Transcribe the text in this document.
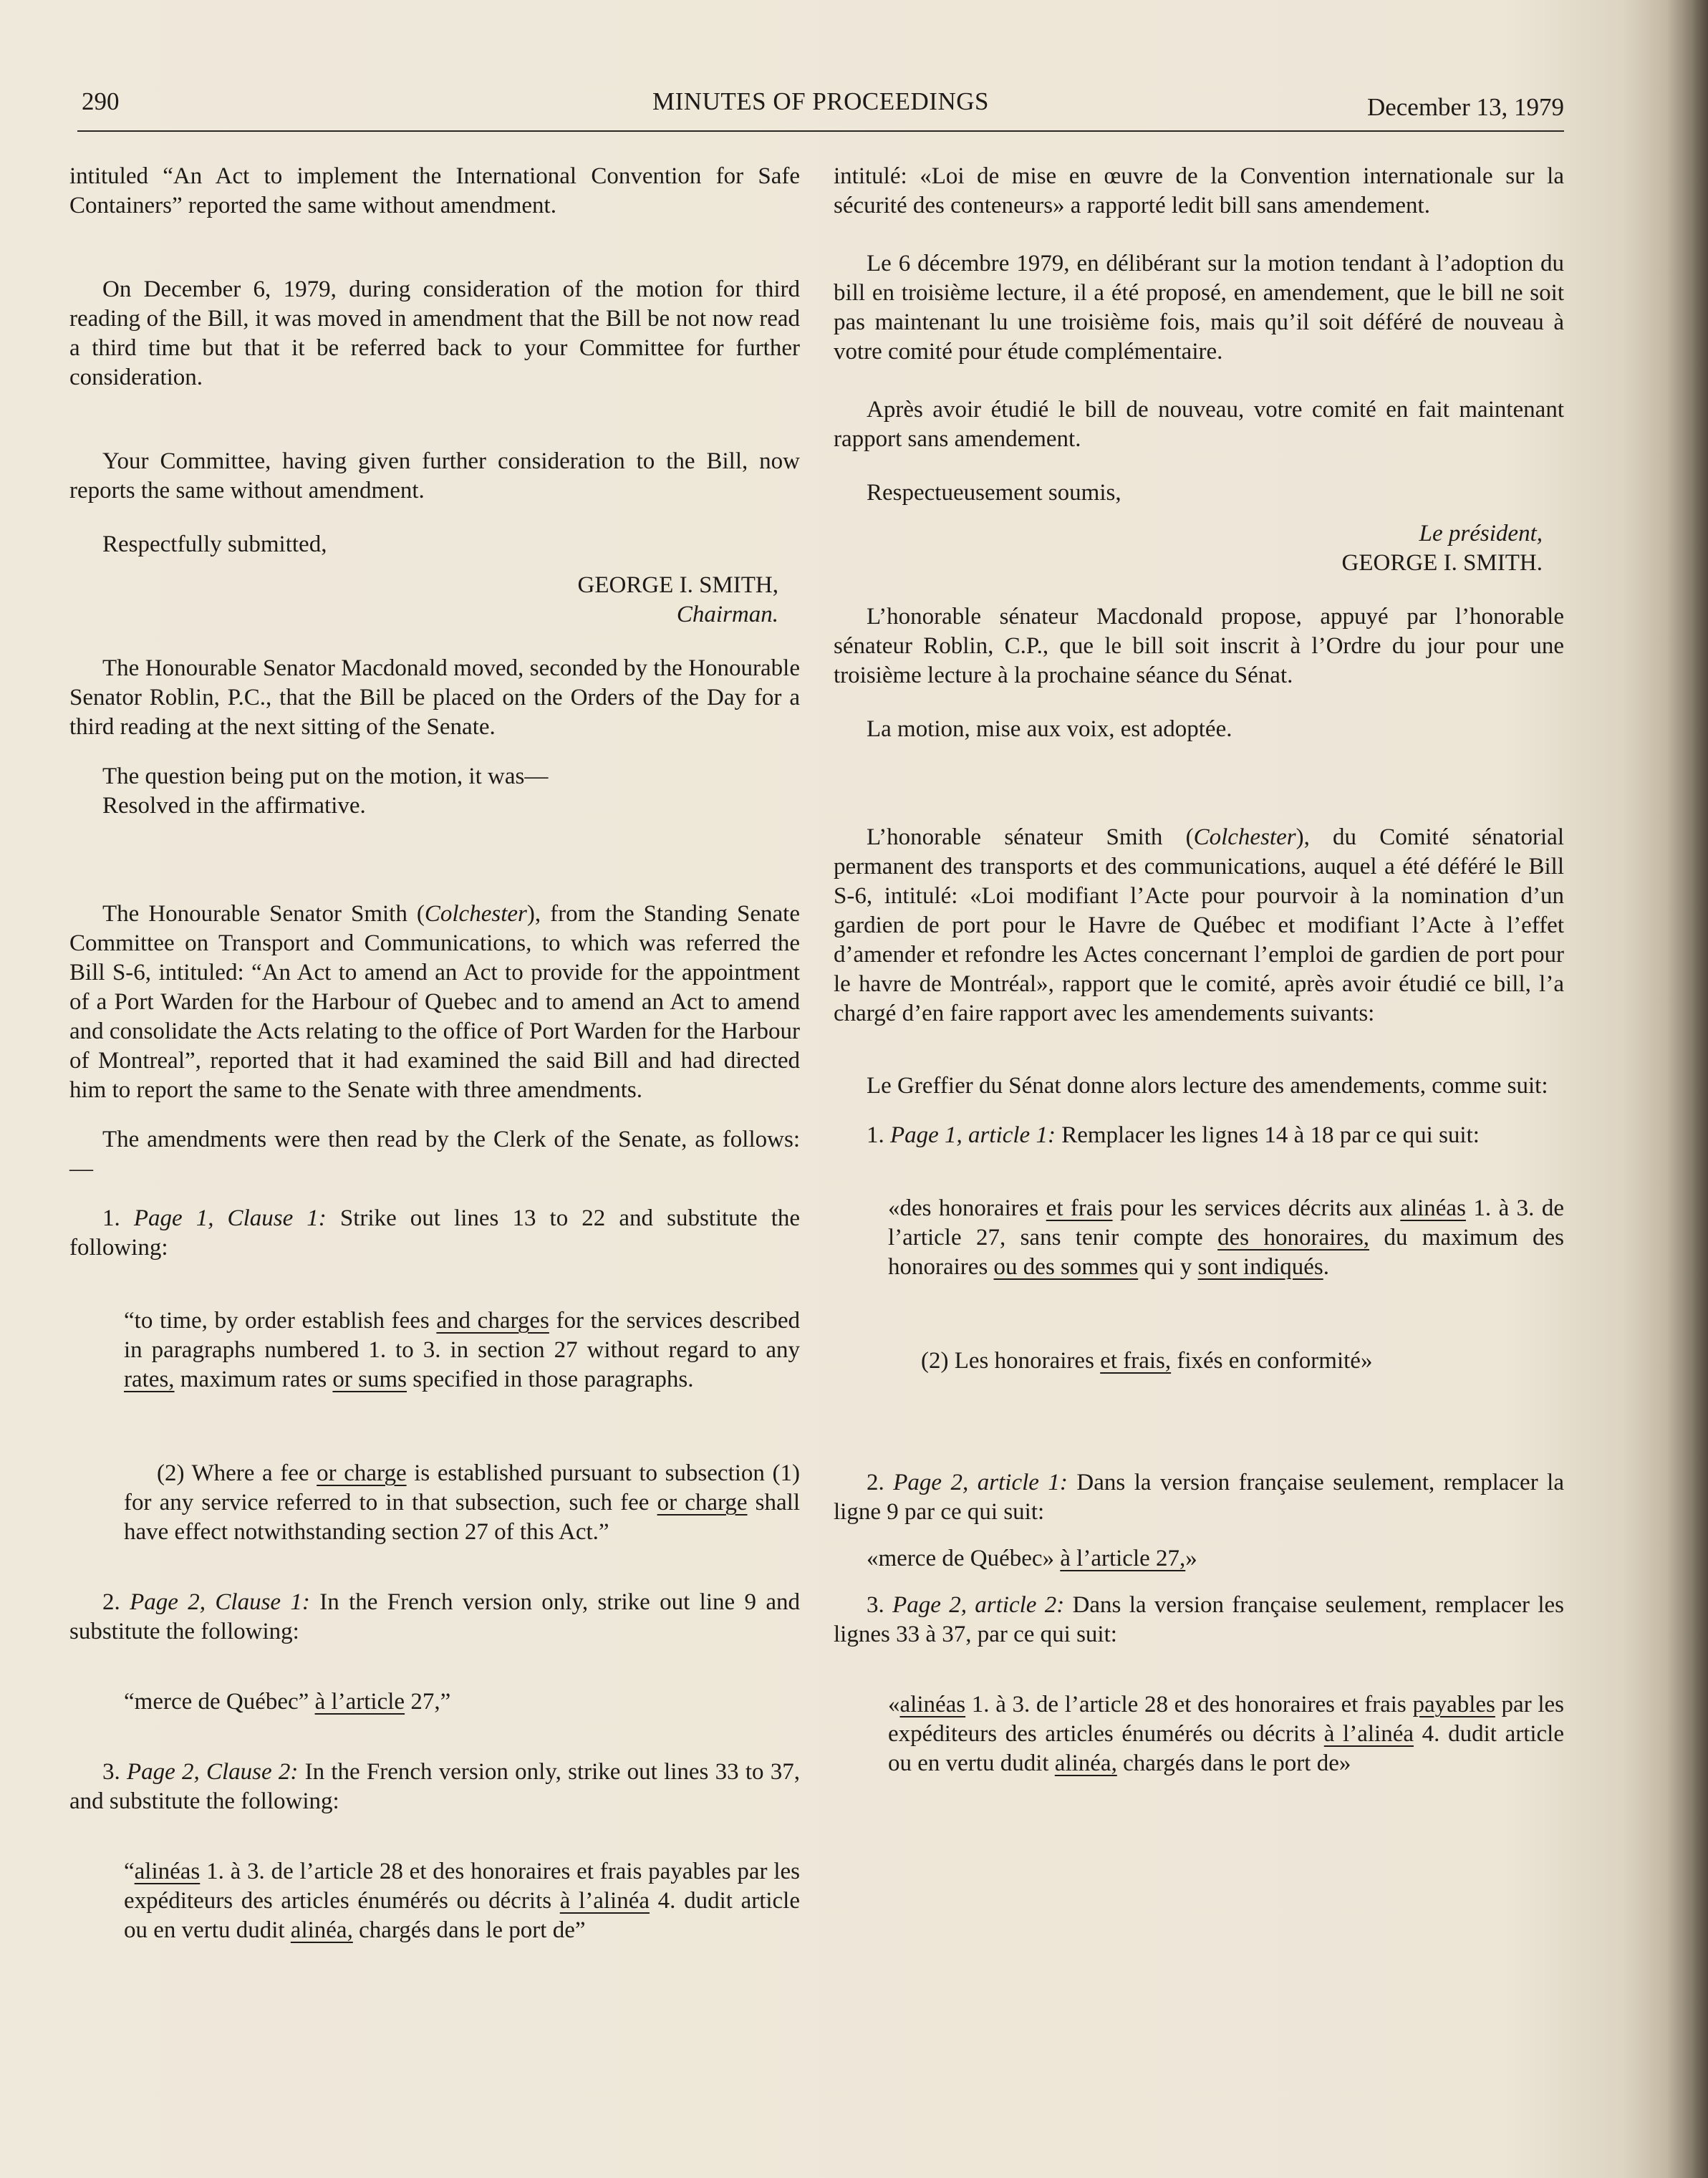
290	MINUTES OF PROCEEDINGS	December 13, 1979

intituled “An Act to implement the International Convention for Safe Containers” reported the same without amendment.

On December 6, 1979, during consideration of the motion for third reading of the Bill, it was moved in amendment that the Bill be not now read a third time but that it be referred back to your Committee for further consideration.

Your Committee, having given further consideration to the Bill, now reports the same without amendment.

Respectfully submitted,

GEORGE I. SMITH,
Chairman.

The Honourable Senator Macdonald moved, seconded by the Honourable Senator Roblin, P.C., that the Bill be placed on the Orders of the Day for a third reading at the next sitting of the Senate.

The question being put on the motion, it was—

Resolved in the affirmative.

The Honourable Senator Smith (Colchester), from the Standing Senate Committee on Transport and Communications, to which was referred the Bill S-6, intituled: “An Act to amend an Act to provide for the appointment of a Port Warden for the Harbour of Quebec and to amend an Act to amend and consolidate the Acts relating to the office of Port Warden for the Harbour of Montreal”, reported that it had examined the said Bill and had directed him to report the same to the Senate with three amendments.

The amendments were then read by the Clerk of the Senate, as follows:—

1. Page 1, Clause 1: Strike out lines 13 to 22 and substitute the following:

“to time, by order establish fees and charges for the services described in paragraphs numbered 1. to 3. in section 27 without regard to any rates, maximum rates or sums specified in those paragraphs.

(2) Where a fee or charge is established pursuant to subsection (1) for any service referred to in that subsection, such fee or charge shall have effect notwithstanding section 27 of this Act.”

2. Page 2, Clause 1: In the French version only, strike out line 9 and substitute the following:

“merce de Québec” à l’article 27,”

3. Page 2, Clause 2: In the French version only, strike out lines 33 to 37, and substitute the following:

“alinéas 1. à 3. de l’article 28 et des honoraires et frais payables par les expéditeurs des articles énumérés ou décrits à l’alinéa 4. dudit article ou en vertu dudit alinéa, chargés dans le port de”

intitulé: «Loi de mise en œuvre de la Convention internationale sur la sécurité des conteneurs» a rapporté ledit bill sans amendement.

Le 6 décembre 1979, en délibérant sur la motion tendant à l’adoption du bill en troisième lecture, il a été proposé, en amendement, que le bill ne soit pas maintenant lu une troisième fois, mais qu’il soit déféré de nouveau à votre comité pour étude complémentaire.

Après avoir étudié le bill de nouveau, votre comité en fait maintenant rapport sans amendement.

Respectueusement soumis,

Le président,
GEORGE I. SMITH.

L’honorable sénateur Macdonald propose, appuyé par l’honorable sénateur Roblin, C.P., que le bill soit inscrit à l’Ordre du jour pour une troisième lecture à la prochaine séance du Sénat.

La motion, mise aux voix, est adoptée.

L’honorable sénateur Smith (Colchester), du Comité sénatorial permanent des transports et des communications, auquel a été déféré le Bill S-6, intitulé: «Loi modifiant l’Acte pour pourvoir à la nomination d’un gardien de port pour le Havre de Québec et modifiant l’Acte à l’effet d’amender et refondre les Actes concernant l’emploi de gardien de port pour le havre de Montréal», rapport que le comité, après avoir étudié ce bill, l’a chargé d’en faire rapport avec les amendements suivants:

Le Greffier du Sénat donne alors lecture des amendements, comme suit:

1. Page 1, article 1: Remplacer les lignes 14 à 18 par ce qui suit:

«des honoraires et frais pour les services décrits aux alinéas 1. à 3. de l’article 27, sans tenir compte des honoraires, du maximum des honoraires ou des sommes qui y sont indiqués.

(2) Les honoraires et frais, fixés en conformité»

2. Page 2, article 1: Dans la version française seulement, remplacer la ligne 9 par ce qui suit:

«merce de Québec» à l’article 27,»

3. Page 2, article 2: Dans la version française seulement, remplacer les lignes 33 à 37, par ce qui suit:

«alinéas 1. à 3. de l’article 28 et des honoraires et frais payables par les expéditeurs des articles énumérés ou décrits à l’alinéa 4. dudit article ou en vertu dudit alinéa, chargés dans le port de»
